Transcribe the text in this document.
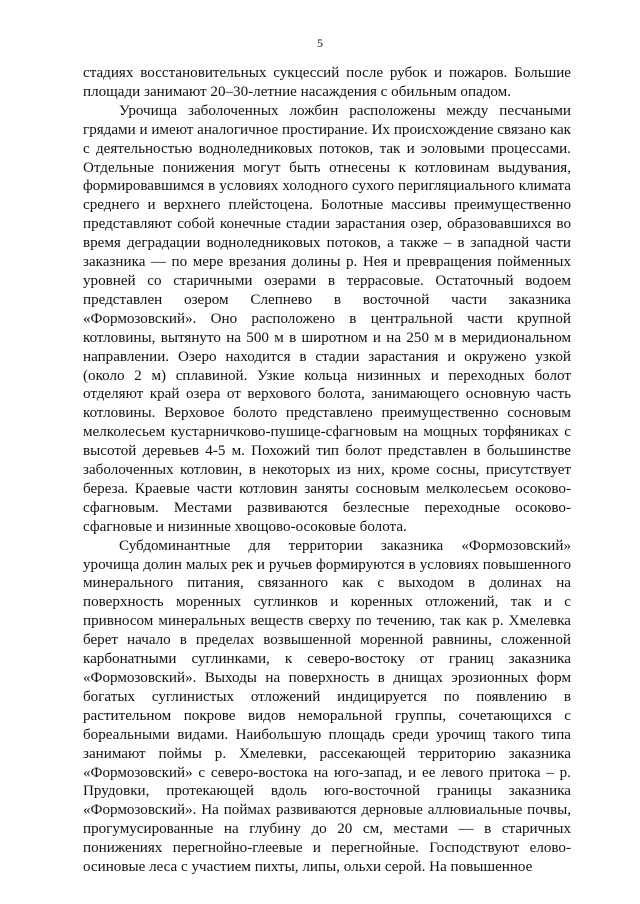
5

стадиях восстановительных сукцессий после рубок и пожаров. Большие площади занимают 20–30-летние насаждения с обильным опадом.

Урочища заболоченных ложбин расположены между песчаными грядами и имеют аналогичное простирание. Их происхождение связано как с деятельностью водноледниковых потоков, так и эоловыми процессами. Отдельные понижения могут быть отнесены к котловинам выдувания, формировавшимся в условиях холодного сухого перигляциального климата среднего и верхнего плейстоцена. Болотные массивы преимущественно представляют собой конечные стадии зарастания озер, образовавшихся во время деградации водноледниковых потоков, а также – в западной части заказника — по мере врезания долины р. Нея и превращения пойменных уровней со старичными озерами в террасовые. Остаточный водоем представлен озером Слепнево в восточной части заказника «Формозовский». Оно расположено в центральной части крупной котловины, вытянуто на 500 м в широтном и на 250 м в меридиональном направлении. Озеро находится в стадии зарастания и окружено узкой (около 2 м) сплавиной. Узкие кольца низинных и переходных болот отделяют край озера от верхового болота, занимающего основную часть котловины. Верховое болото представлено преимущественно сосновым мелколесьем кустарничково-пушице-сфагновым на мощных торфяниках с высотой деревьев 4-5 м. Похожий тип болот представлен в большинстве заболоченных котловин, в некоторых из них, кроме сосны, присутствует береза. Краевые части котловин заняты сосновым мелколесьем осоково-сфагновым. Местами развиваются безлесные переходные осоково-сфагновые и низинные хвощово-осоковые болота.

Субдоминантные для территории заказника «Формозовский» урочища долин малых рек и ручьев формируются в условиях повышенного минерального питания, связанного как с выходом в долинах на поверхность моренных суглинков и коренных отложений, так и с привносом минеральных веществ сверху по течению, так как р. Хмелевка берет начало в пределах возвышенной моренной равнины, сложенной карбонатными суглинками, к северо-востоку от границ заказника «Формозовский». Выходы на поверхность в днищах эрозионных форм богатых суглинистых отложений индицируется по появлению в растительном покрове видов неморальной группы, сочетающихся с бореальными видами. Наибольшую площадь среди урочищ такого типа занимают поймы р. Хмелевки, рассекающей территорию заказника «Формозовский» с северо-востока на юго-запад, и ее левого притока – р. Прудовки, протекающей вдоль юго-восточной границы заказника «Формозовский». На поймах развиваются дерновые аллювиальные почвы, прогумусированные на глубину до 20 см, местами — в старичных понижениях перегнойно-глеевые и перегнойные. Господствуют елово-осиновые леса с участием пихты, липы, ольхи серой. На повышенное
